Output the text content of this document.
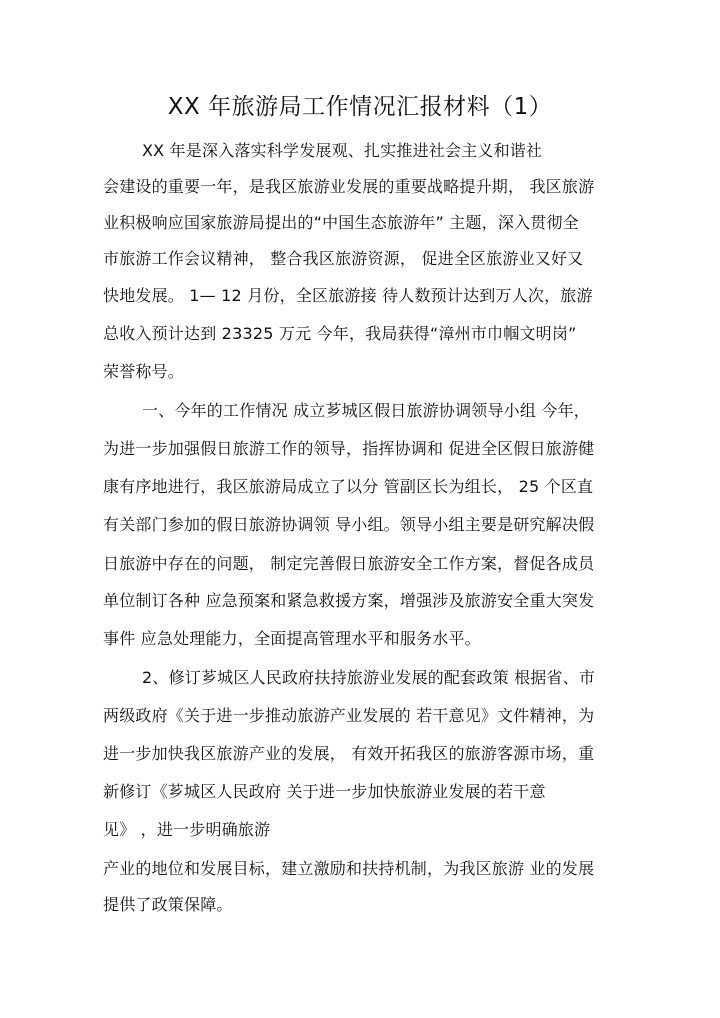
XX 年旅游局工作情况汇报材料（1）
XX 年是深入落实科学发展观、扎实推进社会主义和谐社
会建设的重要一年，是我区旅游业发展的重要战略提升期， 我区旅游
业积极响应国家旅游局提出的“中国生态旅游年” 主题，深入贯彻全
市旅游工作会议精神， 整合我区旅游资源， 促进全区旅游业又好又
快地发展。 1— 12 月份，全区旅游接 待人数预计达到万人次，旅游
总收入预计达到 23325 万元 今年，我局获得“漳州市巾帼文明岗”
荣誉称号。
一、今年的工作情况 成立芗城区假日旅游协调领导小组 今年，
为进一步加强假日旅游工作的领导，指挥协调和 促进全区假日旅游健
康有序地进行，我区旅游局成立了以分 管副区长为组长， 25 个区直
有关部门参加的假日旅游协调领 导小组。领导小组主要是研究解决假
日旅游中存在的问题， 制定完善假日旅游安全工作方案，督促各成员
单位制订各种 应急预案和紧急救援方案，增强涉及旅游安全重大突发
事件 应急处理能力，全面提高管理水平和服务水平。
2、修订芗城区人民政府扶持旅游业发展的配套政策 根据省、市
两级政府《关于进一步推动旅游产业发展的 若干意见》文件精神，为
进一步加快我区旅游产业的发展， 有效开拓我区的旅游客源市场，重
新修订《芗城区人民政府 关于进一步加快旅游业发展的若干意
见》 ，进一步明确旅游
产业的地位和发展目标，建立激励和扶持机制，为我区旅游 业的发展
提供了政策保障。
